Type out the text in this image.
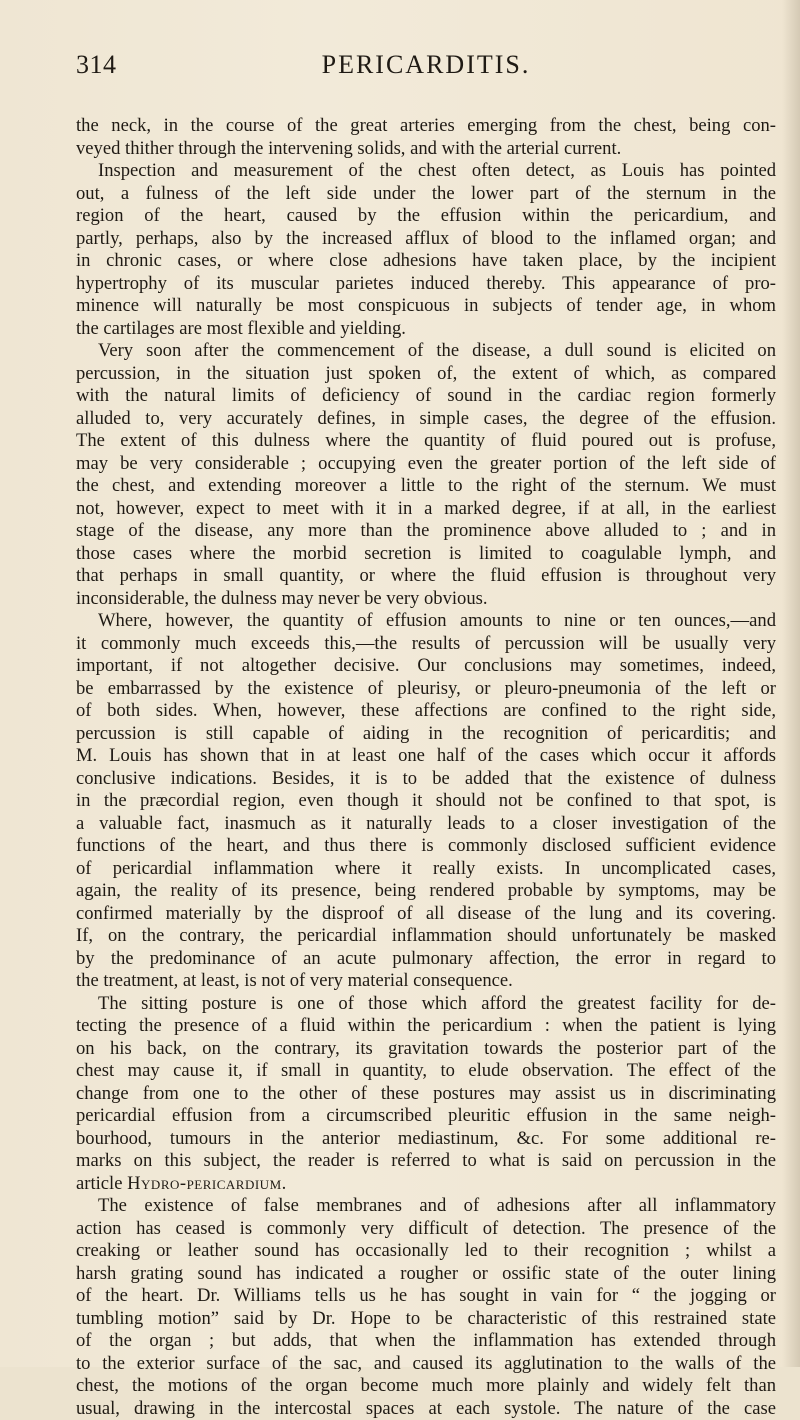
314	PERICARDITIS.
the neck, in the course of the great arteries emerging from the chest, being con-
veyed thither through the intervening solids, and with the arterial current.
Inspection and measurement of the chest often detect, as Louis has pointed
out, a fulness of the left side under the lower part of the sternum in the
region of the heart, caused by the effusion within the pericardium, and
partly, perhaps, also by the increased afflux of blood to the inflamed organ; and
in chronic cases, or where close adhesions have taken place, by the incipient
hypertrophy of its muscular parietes induced thereby. This appearance of pro-
minence will naturally be most conspicuous in subjects of tender age, in whom
the cartilages are most flexible and yielding.
Very soon after the commencement of the disease, a dull sound is elicited on
percussion, in the situation just spoken of, the extent of which, as compared
with the natural limits of deficiency of sound in the cardiac region formerly
alluded to, very accurately defines, in simple cases, the degree of the effusion.
The extent of this dulness where the quantity of fluid poured out is profuse,
may be very considerable ; occupying even the greater portion of the left side of
the chest, and extending moreover a little to the right of the sternum. We must
not, however, expect to meet with it in a marked degree, if at all, in the earliest
stage of the disease, any more than the prominence above alluded to ; and in
those cases where the morbid secretion is limited to coagulable lymph, and
that perhaps in small quantity, or where the fluid effusion is throughout very
inconsiderable, the dulness may never be very obvious.
Where, however, the quantity of effusion amounts to nine or ten ounces,—and
it commonly much exceeds this,—the results of percussion will be usually very
important, if not altogether decisive. Our conclusions may sometimes, indeed,
be embarrassed by the existence of pleurisy, or pleuro-pneumonia of the left or
of both sides. When, however, these affections are confined to the right side,
percussion is still capable of aiding in the recognition of pericarditis; and
M. Louis has shown that in at least one half of the cases which occur it affords
conclusive indications. Besides, it is to be added that the existence of dulness
in the præcordial region, even though it should not be confined to that spot, is
a valuable fact, inasmuch as it naturally leads to a closer investigation of the
functions of the heart, and thus there is commonly disclosed sufficient evidence
of pericardial inflammation where it really exists. In uncomplicated cases,
again, the reality of its presence, being rendered probable by symptoms, may be
confirmed materially by the disproof of all disease of the lung and its covering.
If, on the contrary, the pericardial inflammation should unfortunately be masked
by the predominance of an acute pulmonary affection, the error in regard to
the treatment, at least, is not of very material consequence.
The sitting posture is one of those which afford the greatest facility for de-
tecting the presence of a fluid within the pericardium : when the patient is lying
on his back, on the contrary, its gravitation towards the posterior part of the
chest may cause it, if small in quantity, to elude observation. The effect of the
change from one to the other of these postures may assist us in discriminating
pericardial effusion from a circumscribed pleuritic effusion in the same neigh-
bourhood, tumours in the anterior mediastinum, &c. For some additional re-
marks on this subject, the reader is referred to what is said on percussion in the
article Hydro-pericardium.
The existence of false membranes and of adhesions after all inflammatory
action has ceased is commonly very difficult of detection. The presence of the
creaking or leather sound has occasionally led to their recognition ; whilst a
harsh grating sound has indicated a rougher or ossific state of the outer lining
of the heart. Dr. Williams tells us he has sought in vain for “ the jogging or
tumbling motion” said by Dr. Hope to be characteristic of this restrained state
of the organ ; but adds, that when the inflammation has extended through
to the exterior surface of the sac, and caused its agglutination to the walls of the
chest, the motions of the organ become much more plainly and widely felt than
usual, drawing in the intercostal spaces at each systole. The nature of the case
